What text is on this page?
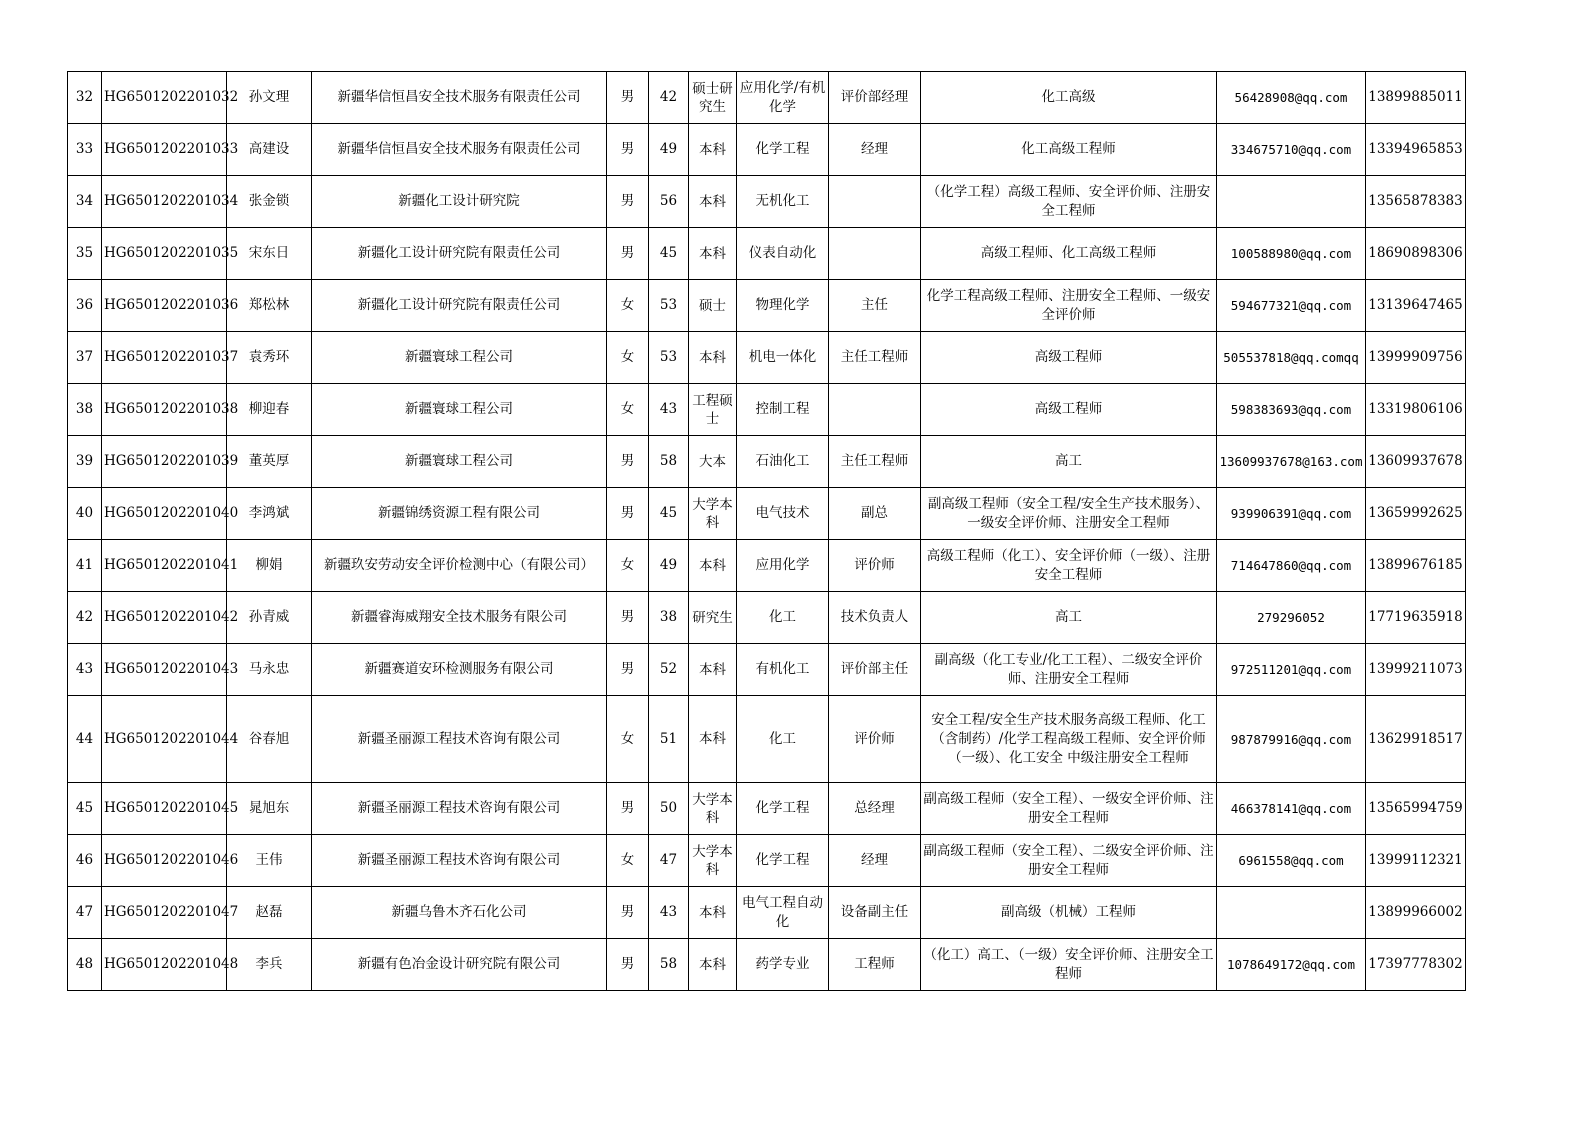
32	HG6501202201032	孙文理	新疆华信恒昌安全技术服务有限责任公司	男	42	硕士研究生	应用化学/有机化学	评价部经理	化工高级	56428908@qq.com	13899885011

33	HG6501202201033	高建设	新疆华信恒昌安全技术服务有限责任公司	男	49	本科	化学工程	经理	化工高级工程师	334675710@qq.com	13394965853

34	HG6501202201034	张金锁	新疆化工设计研究院	男	56	本科	无机化工		（化学工程）高级工程师、安全评价师、注册安全工程师		13565878383

35	HG6501202201035	宋东日	新疆化工设计研究院有限责任公司	男	45	本科	仪表自动化		高级工程师、化工高级工程师	100588980@qq.com	18690898306

36	HG6501202201036	郑松林	新疆化工设计研究院有限责任公司	女	53	硕士	物理化学	主任	化学工程高级工程师、注册安全工程师、一级安全评价师	594677321@qq.com	13139647465

37	HG6501202201037	袁秀环	新疆寰球工程公司	女	53	本科	机电一体化	主任工程师	高级工程师	505537818@qq.comqq	13999909756

38	HG6501202201038	柳迎春	新疆寰球工程公司	女	43	工程硕士	控制工程		高级工程师	598383693@qq.com	13319806106

39	HG6501202201039	董英厚	新疆寰球工程公司	男	58	大本	石油化工	主任工程师	高工	13609937678@163.com	13609937678

40	HG6501202201040	李鸿斌	新疆锦绣资源工程有限公司	男	45	大学本科	电气技术	副总	副高级工程师（安全工程/安全生产技术服务）、一级安全评价师、注册安全工程师	939906391@qq.com	13659992625

41	HG6501202201041	柳娟	新疆玖安劳动安全评价检测中心（有限公司）	女	49	本科	应用化学	评价师	高级工程师（化工）、安全评价师（一级）、注册安全工程师	714647860@qq.com	13899676185

42	HG6501202201042	孙青威	新疆睿海威翔安全技术服务有限公司	男	38	研究生	化工	技术负责人	高工	279296052	17719635918

43	HG6501202201043	马永忠	新疆赛道安环检测服务有限公司	男	52	本科	有机化工	评价部主任	副高级（化工专业/化工工程）、二级安全评价师、注册安全工程师	972511201@qq.com	13999211073

44	HG6501202201044	谷春旭	新疆圣丽源工程技术咨询有限公司	女	51	本科	化工	评价师	安全工程/安全生产技术服务高级工程师、化工（含制药）/化学工程高级工程师、安全评价师（一级）、化工安全 中级注册安全工程师	987879916@qq.com	13629918517

45	HG6501202201045	晁旭东	新疆圣丽源工程技术咨询有限公司	男	50	大学本科	化学工程	总经理	副高级工程师（安全工程）、一级安全评价师、注册安全工程师	466378141@qq.com	13565994759

46	HG6501202201046	王伟	新疆圣丽源工程技术咨询有限公司	女	47	大学本科	化学工程	经理	副高级工程师（安全工程）、二级安全评价师、注册安全工程师	6961558@qq.com	13999112321

47	HG6501202201047	赵磊	新疆乌鲁木齐石化公司	男	43	本科	电气工程自动化	设备副主任	副高级（机械）工程师		13899966002

48	HG6501202201048	李兵	新疆有色冶金设计研究院有限公司	男	58	本科	药学专业	工程师	（化工）高工、（一级）安全评价师、注册安全工程师	1078649172@qq.com	17397778302
